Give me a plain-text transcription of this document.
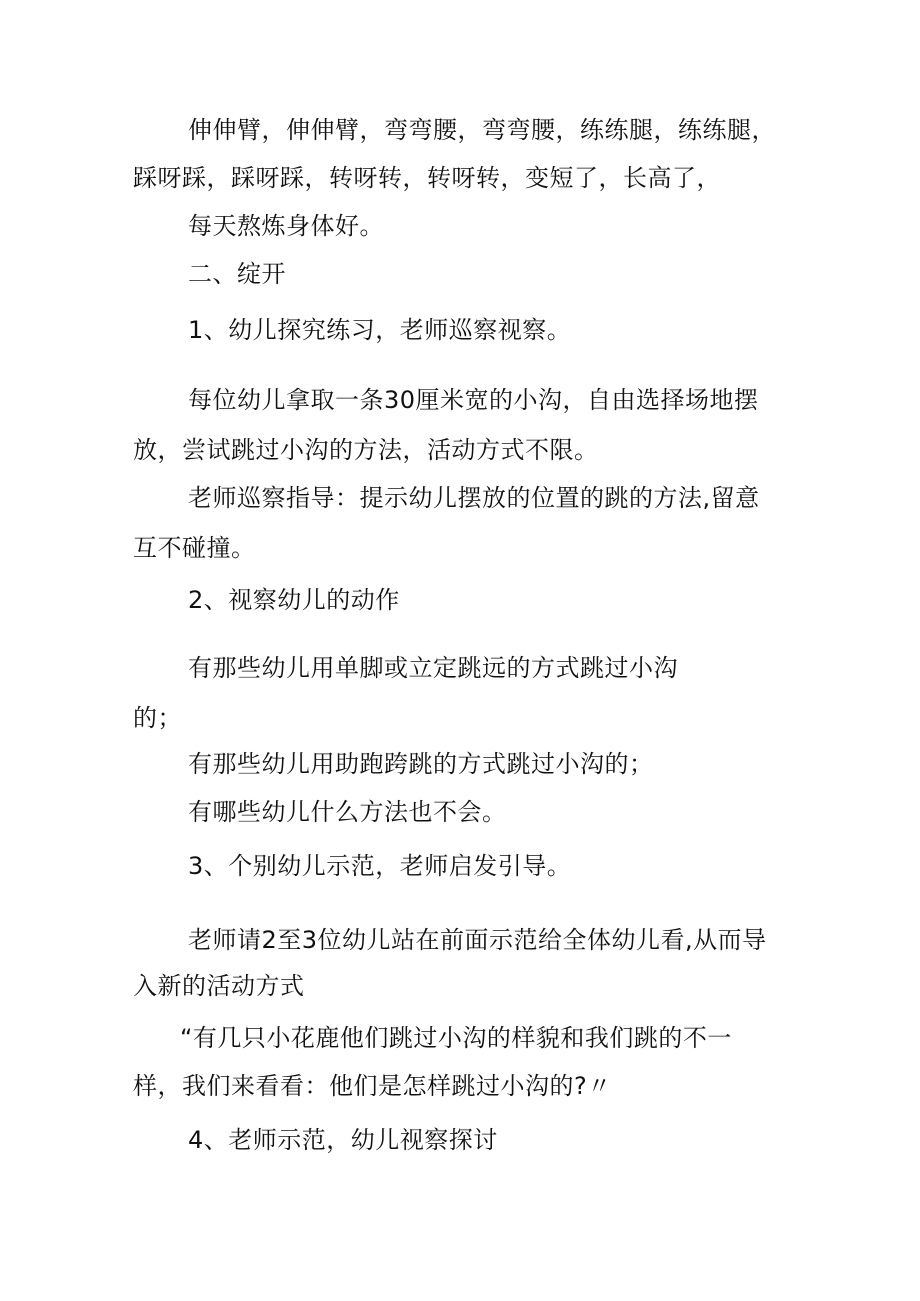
伸伸臂，伸伸臂，弯弯腰，弯弯腰，练练腿，练练腿，
踩呀踩，踩呀踩，转呀转，转呀转，变短了，长高了，
每天熬炼身体好。
二、绽开
1、幼儿探究练习，老师巡察视察。
每位幼儿拿取一条30厘米宽的小沟，自由选择场地摆
放，尝试跳过小沟的方法，活动方式不限。
老师巡察指导：提示幼儿摆放的位置的跳的方法,留意
互不碰撞。
2、视察幼儿的动作
有那些幼儿用单脚或立定跳远的方式跳过小沟
的；
有那些幼儿用助跑跨跳的方式跳过小沟的；
有哪些幼儿什么方法也不会。
3、个别幼儿示范，老师启发引导。
老师请2至3位幼儿站在前面示范给全体幼儿看,从而导
入新的活动方式
“有几只小花鹿他们跳过小沟的样貌和我们跳的不一
样，我们来看看：他们是怎样跳过小沟的?〃
4、老师示范，幼儿视察探讨
